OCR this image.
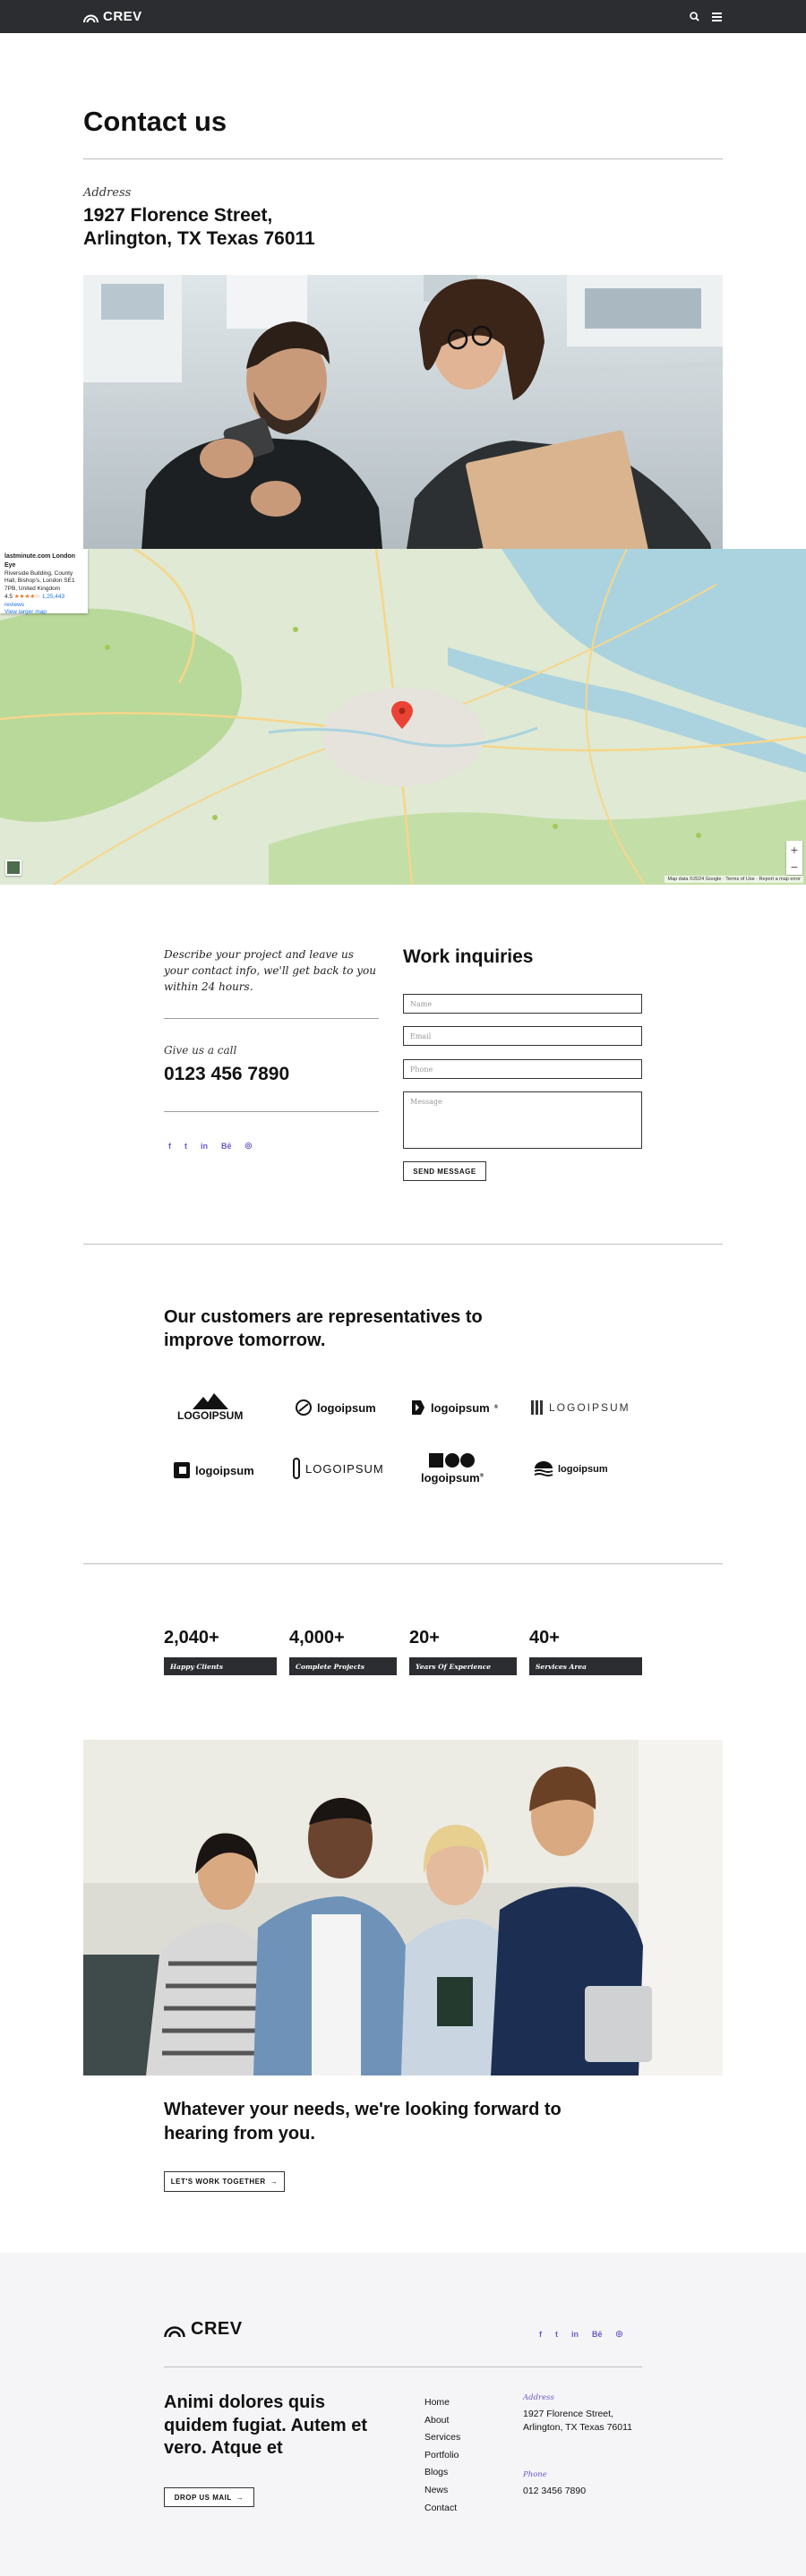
CREV
Contact us
Address
1927 Florence Street,
Arlington, TX Texas 76011
lastminute.com London Eye
Riverside Building, County Hall, Bishop's, London SE1 7PB, United Kingdom
4.5 ★★★★☆ 1,25,443 reviews
View larger map
+
−
Map data ©2024 Google · Terms of Use · Report a map error

Describe your project and leave us your contact info, we'll get back to you within 24 hours.

Give us a call
0123 456 7890
f t in Bē ◎
Work inquiries
Name
Email
Phone
Message
SEND MESSAGE
Our customers are representatives to improve tomorrow.
LOGOIPSUM
logoipsum	logoipsum ®	LOGOIPSUM
logoipsum	LOGOIPSUM
logoipsum®
logoipsum
2,040+
Happy Clients
4,000+
Complete Projects
20+
Years Of Experience
40+
Services Area
Whatever your needs, we're looking forward to hearing from you.
LET'S WORK TOGETHER →
CREV	f t in Bē ◎

Animi dolores quis quidem fugiat. Autem et vero. Atque et

DROP US MAIL →
Home
About
Services
Portfolio
Blogs
News
Contact
Address
1927 Florence Street, Arlington, TX Texas 76011
Phone
012 3456 7890
